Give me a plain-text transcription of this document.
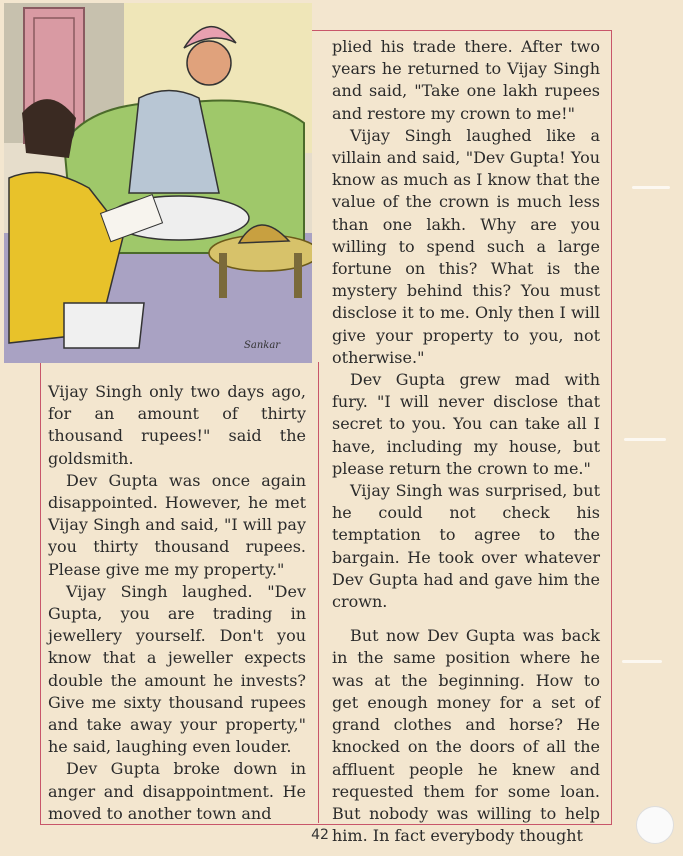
Sankar

Vijay Singh only two days ago, for an amount of thirty thousand rupees!" said the goldsmith.

Dev Gupta was once again disappointed. However, he met Vijay Singh and said, "I will pay you thirty thousand rupees. Please give me my property."

Vijay Singh laughed. "Dev Gupta, you are trading in jewellery yourself. Don't you know that a jeweller expects double the amount he invests? Give me sixty thousand rupees and take away your property," he said, laughing even louder.

Dev Gupta broke down in anger and disappointment. He moved to another town and

plied his trade there. After two years he returned to Vijay Singh and said, "Take one lakh rupees and restore my crown to me!"

Vijay Singh laughed like a villain and said, "Dev Gupta! You know as much as I know that the value of the crown is much less than one lakh. Why are you willing to spend such a large fortune on this? What is the mystery behind this? You must disclose it to me. Only then I will give your property to you, not otherwise."

Dev Gupta grew mad with fury. "I will never disclose that secret to you. You can take all I have, including my house, but please return the crown to me."

Vijay Singh was surprised, but he could not check his temptation to agree to the bargain. He took over whatever Dev Gupta had and gave him the crown.

But now Dev Gupta was back in the same position where he was at the beginning. How to get enough money for a set of grand clothes and horse? He knocked on the doors of all the affluent people he knew and requested them for some loan. But nobody was willing to help him. In fact everybody thought

42
